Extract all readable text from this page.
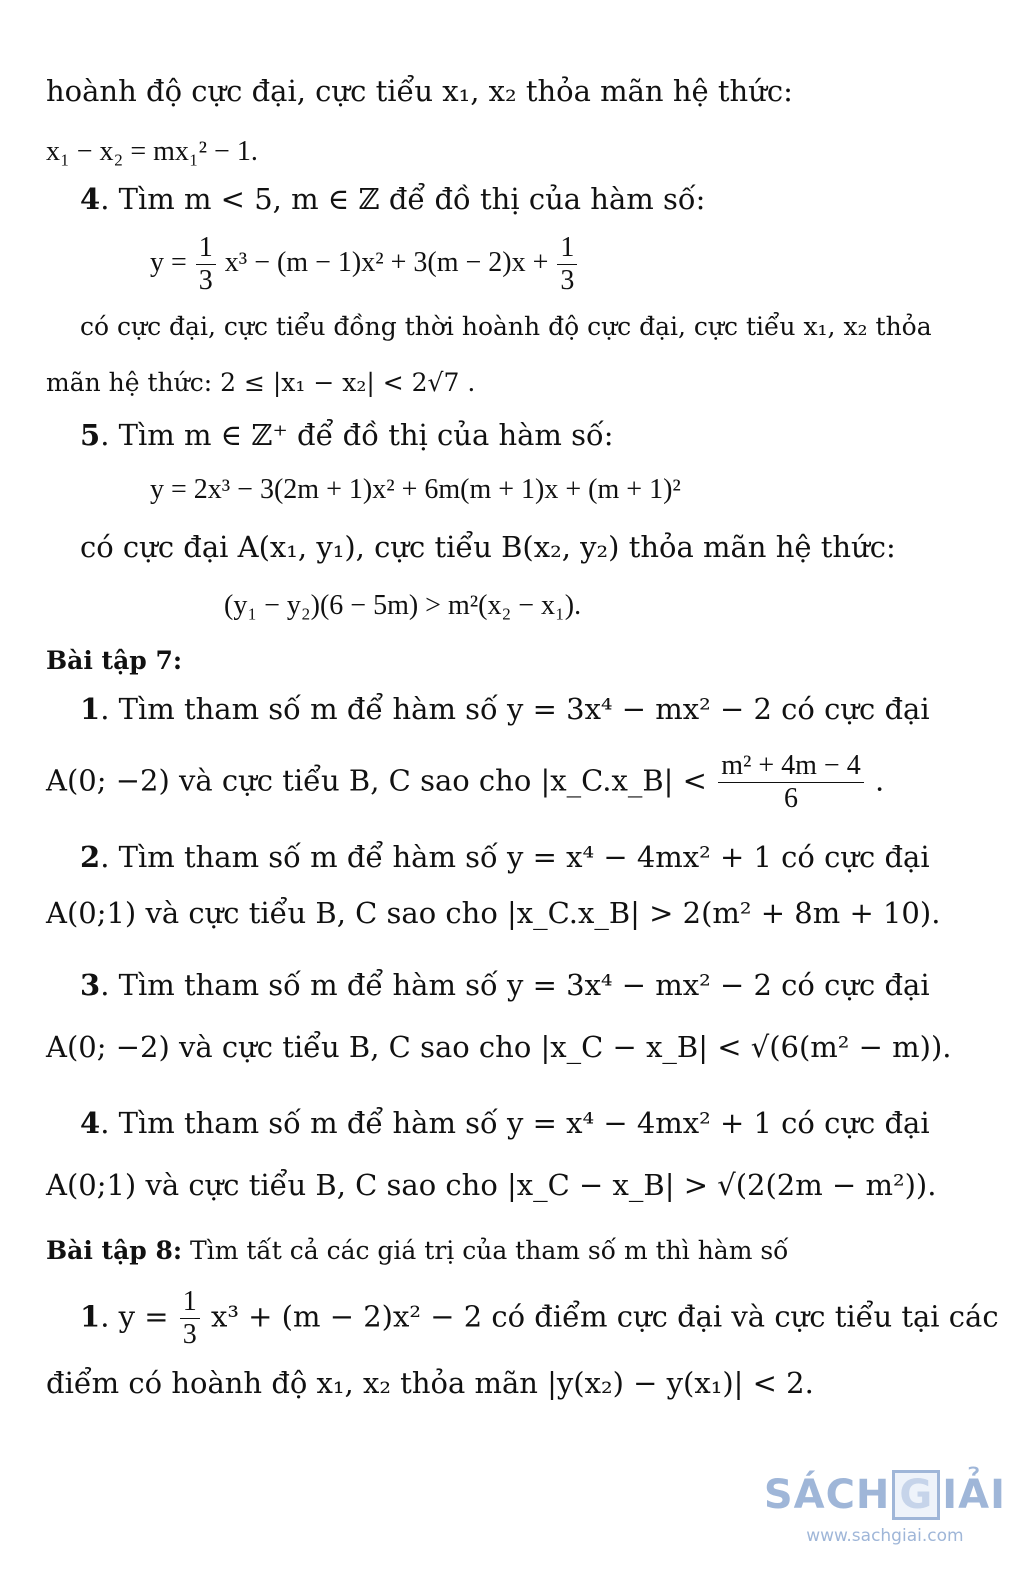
hoành độ cực đại, cực tiểu x₁, x₂ thỏa mãn hệ thức:
x₁ − x₂ = mx₁² − 1.
4. Tìm m < 5, m ∈ ℤ để đồ thị của hàm số:
$y = \frac{1}{3} x^3 - (m - 1)x^2 + 3(m - 2)x + \frac{1}{3}$
có cực đại, cực tiểu đồng thời hoành độ cực đại, cực tiểu x₁, x₂ thỏa
mãn hệ thức: 2 ≤ |x₁ − x₂| < 2√7 .
5. Tìm m ∈ ℤ⁺ để đồ thị của hàm số:
y = 2x³ − 3(2m + 1)x² + 6m(m + 1)x + (m + 1)²
có cực đại A(x₁, y₁), cực tiểu B(x₂, y₂) thỏa mãn hệ thức:
(y₁ − y₂)(6 − 5m) > m²(x₂ − x₁).
Bài tập 7:
1. Tìm tham số m để hàm số y = 3x⁴ − mx² − 2 có cực đại
A(0; −2) và cực tiểu B, C sao cho |x_C.x_B| < $\frac{\text{m² + 4m − 4}}{6}$ .
2. Tìm tham số m để hàm số y = x⁴ − 4mx² + 1 có cực đại
A(0;1) và cực tiểu B, C sao cho |x_C.x_B| > 2(m² + 8m + 10).
3. Tìm tham số m để hàm số y = 3x⁴ − mx² − 2 có cực đại
A(0; −2) và cực tiểu B, C sao cho |x_C − x_B| < √(6(m² − m)).
4. Tìm tham số m để hàm số y = x⁴ − 4mx² + 1 có cực đại
A(0;1) và cực tiểu B, C sao cho |x_C − x_B| > √(2(2m − m²)).
Bài tập 8: Tìm tất cả các giá trị của tham số m thì hàm số
1. $y = \frac{1}{3} x^3 + (m - 2)x^2 - 2$ có điểm cực đại và cực tiểu tại các
điểm có hoành độ x₁, x₂ thỏa mãn |y(x₂) − y(x₁)| < 2.
SÁCH G IẢI
www.sachgiai.com
